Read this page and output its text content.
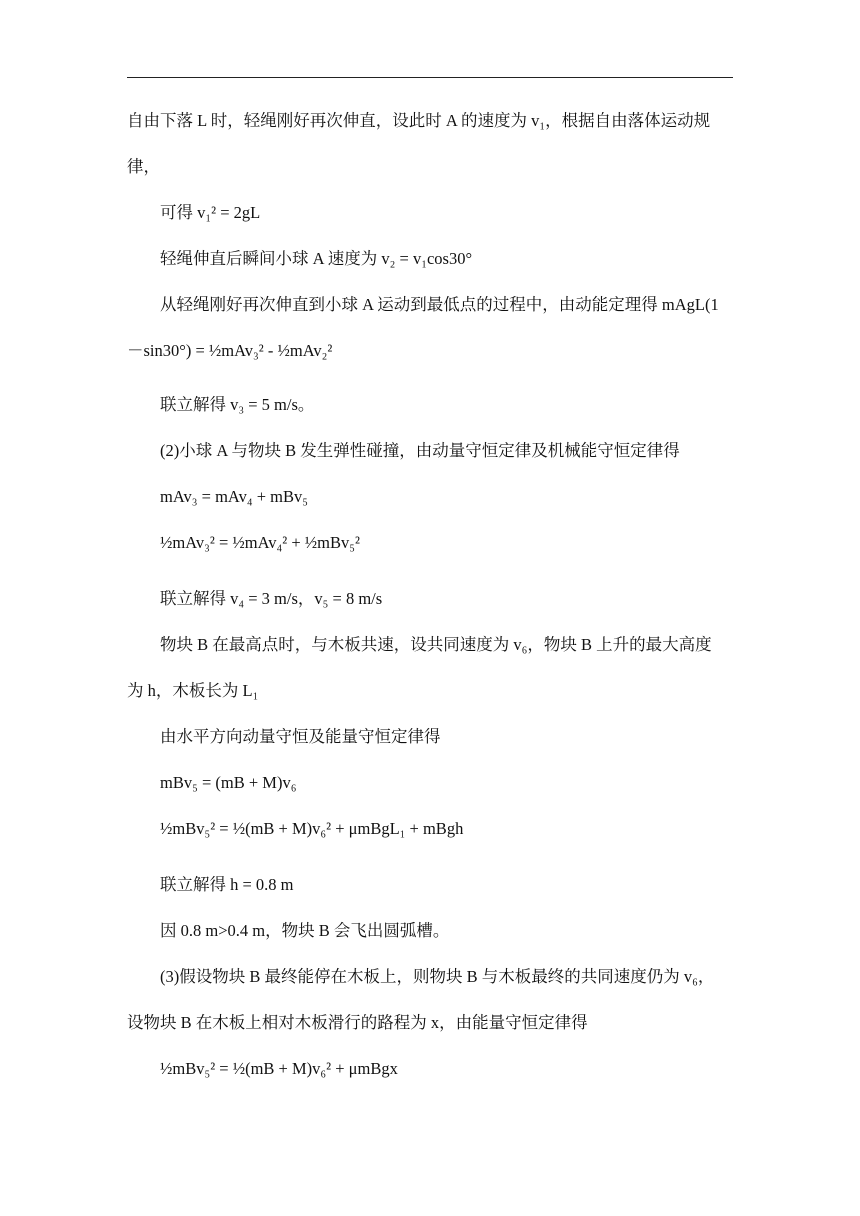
自由下落 L 时，轻绳刚好再次伸直，设此时 A 的速度为 v₁，根据自由落体运动规
律，
可得 v₁² = 2gL
轻绳伸直后瞬间小球 A 速度为 v₂ = v₁cos30°
从轻绳刚好再次伸直到小球 A 运动到最低点的过程中，由动能定理得 mAgL(1
－sin30°) = ½mAv₃² - ½mAv₂²
联立解得 v₃ = 5 m/s。
(2)小球 A 与物块 B 发生弹性碰撞，由动量守恒定律及机械能守恒定律得
mAv₃ = mAv₄ + mBv₅
½mAv₃² = ½mAv₄² + ½mBv₅²
联立解得 v₄ = 3 m/s，v₅ = 8 m/s
物块 B 在最高点时，与木板共速，设共同速度为 v₆，物块 B 上升的最大高度
为 h，木板长为 L₁
由水平方向动量守恒及能量守恒定律得
mBv₅ = (mB + M)v₆
½mBv₅² = ½(mB + M)v₆² + μmBgL₁ + mBgh
联立解得 h = 0.8 m
因 0.8 m>0.4 m，物块 B 会飞出圆弧槽。
(3)假设物块 B 最终能停在木板上，则物块 B 与木板最终的共同速度仍为 v₆，
设物块 B 在木板上相对木板滑行的路程为 x，由能量守恒定律得
½mBv₅² = ½(mB + M)v₆² + μmBgx
